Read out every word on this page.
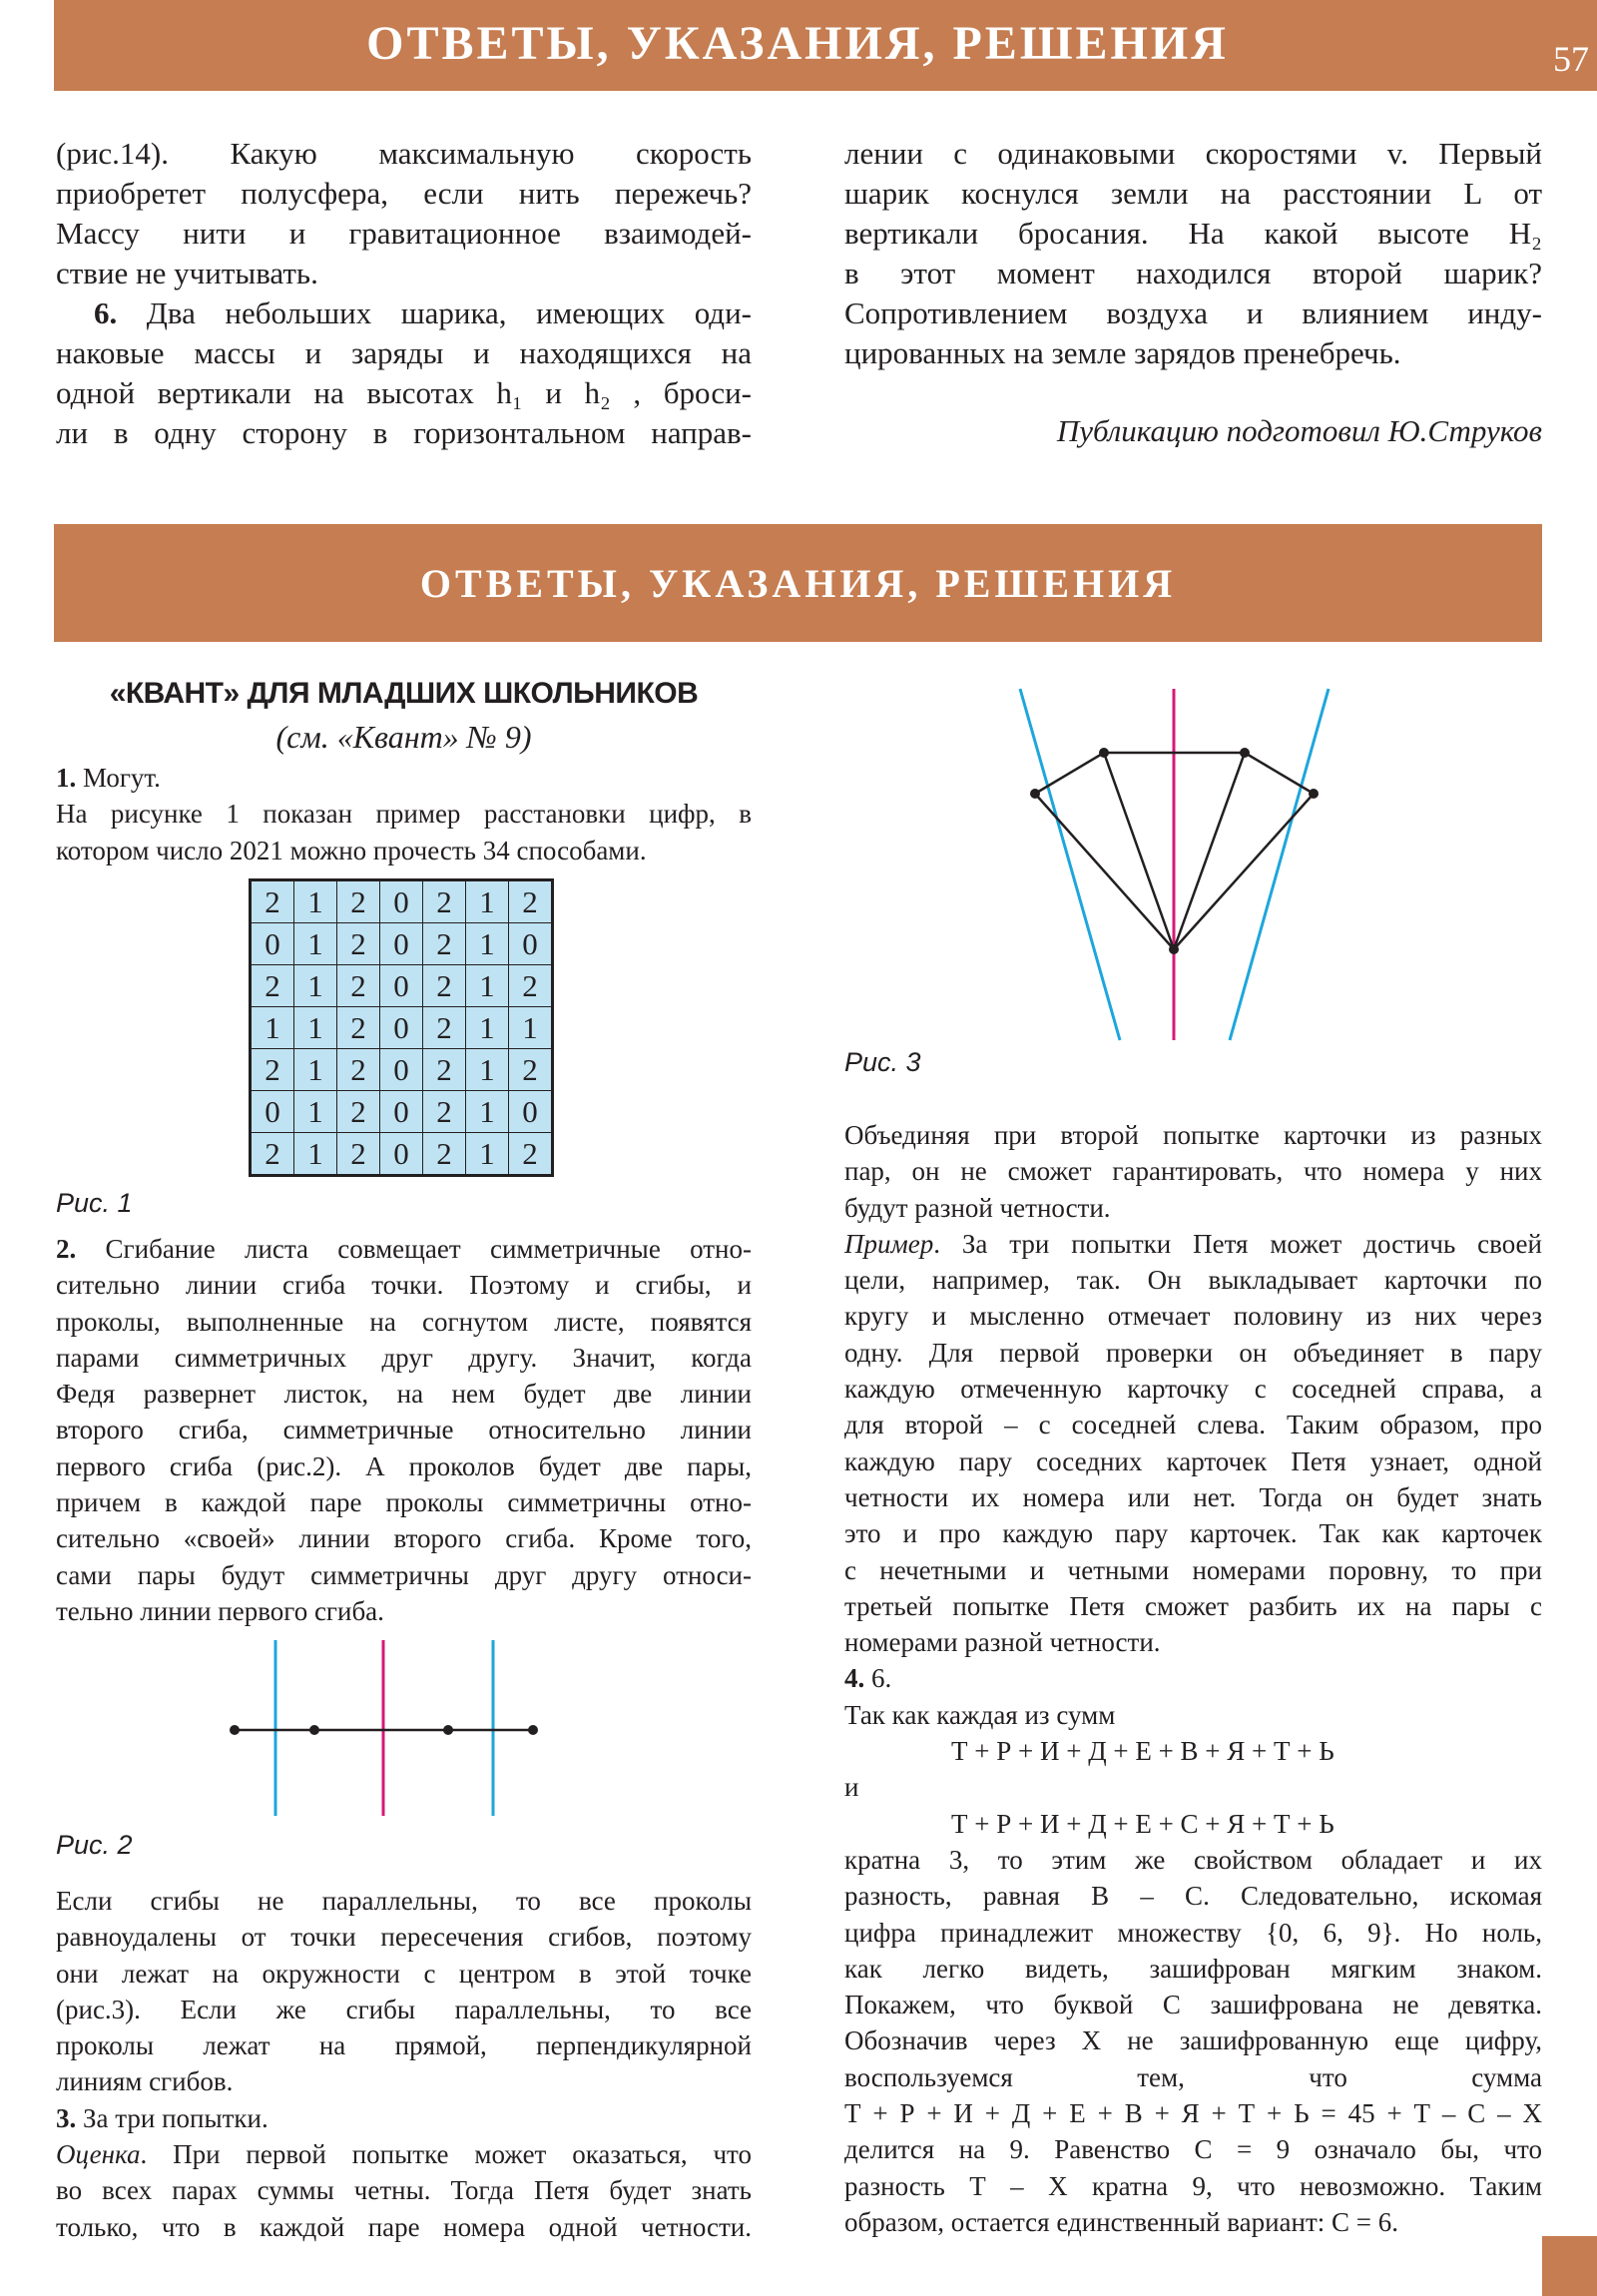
ОТВЕТЫ, УКАЗАНИЯ, РЕШЕНИЯ	57
(рис.14). Какую максимальную скорость
приобретет полусфера, если нить пережечь?
Массу нити и гравитационное взаимодей-
ствие не учитывать.
6. Два небольших шарика, имеющих оди-
наковые массы и заряды и находящихся на
одной вертикали на высотах h₁ и h₂ , броси-
ли в одну сторону в горизонтальном направ-
лении с одинаковыми скоростями v. Первый
шарик коснулся земли на расстоянии L от
вертикали бросания. На какой высоте H₂
в этот момент находился второй шарик?
Сопротивлением воздуха и влиянием инду-
цированных на земле зарядов пренебречь.
Публикацию подготовил Ю.Струков
ОТВЕТЫ, УКАЗАНИЯ, РЕШЕНИЯ
«КВАНТ» ДЛЯ МЛАДШИХ ШКОЛЬНИКОВ
(см. «Квант» № 9)
1. Могут.
На рисунке 1 показан пример расстановки цифр, в
котором число 2021 можно прочесть 34 способами.
2	1	2	0	2	1	2
0	1	2	0	2	1	0
2	1	2	0	2	1	2
1	1	2	0	2	1	1
2	1	2	0	2	1	2
0	1	2	0	2	1	0
2	1	2	0	2	1	2
Рис. 1
2. Сгибание листа совмещает симметричные отно-
сительно линии сгиба точки. Поэтому и сгибы, и
проколы, выполненные на согнутом листе, появятся
парами симметричных друг другу. Значит, когда
Федя развернет листок, на нем будет две линии
второго сгиба, симметричные относительно линии
первого сгиба (рис.2). А проколов будет две пары,
причем в каждой паре проколы симметричны отно-
сительно «своей» линии второго сгиба. Кроме того,
сами пары будут симметричны друг другу относи-
тельно линии первого сгиба.
Рис. 2
Если сгибы не параллельны, то все проколы
равноудалены от точки пересечения сгибов, поэтому
они лежат на окружности с центром в этой точке
(рис.3). Если же сгибы параллельны, то все
проколы лежат на прямой, перпендикулярной
линиям сгибов.
3. За три попытки.
Оценка. При первой попытке может оказаться, что
во всех парах суммы четны. Тогда Петя будет знать
только, что в каждой паре номера одной четности.
Рис. 3
Объединяя при второй попытке карточки из разных
пар, он не сможет гарантировать, что номера у них
будут разной четности.
Пример. За три попытки Петя может достичь своей
цели, например, так. Он выкладывает карточки по
кругу и мысленно отмечает половину из них через
одну. Для первой проверки он объединяет в пару
каждую отмеченную карточку с соседней справа, а
для второй – с соседней слева. Таким образом, про
каждую пару соседних карточек Петя узнает, одной
четности их номера или нет. Тогда он будет знать
это и про каждую пару карточек. Так как карточек
с нечетными и четными номерами поровну, то при
третьей попытке Петя сможет разбить их на пары с
номерами разной четности.
4. 6.
Так как каждая из сумм
Т + Р + И + Д + Е + В + Я + Т + Ь
и
Т + Р + И + Д + Е + С + Я + Т + Ь
кратна 3, то этим же свойством обладает и их
разность, равная В – С. Следовательно, искомая
цифра принадлежит множеству {0, 6, 9}. Но ноль,
как легко видеть, зашифрован мягким знаком.
Покажем, что буквой С зашифрована не девятка.
Обозначив через Х не зашифрованную еще цифру,
воспользуемся тем, что сумма
Т + Р + И + Д + Е + В + Я + Т + Ь = 45 + Т – С – Х
делится на 9. Равенство С = 9 означало бы, что
разность Т – Х кратна 9, что невозможно. Таким
образом, остается единственный вариант: С = 6.
